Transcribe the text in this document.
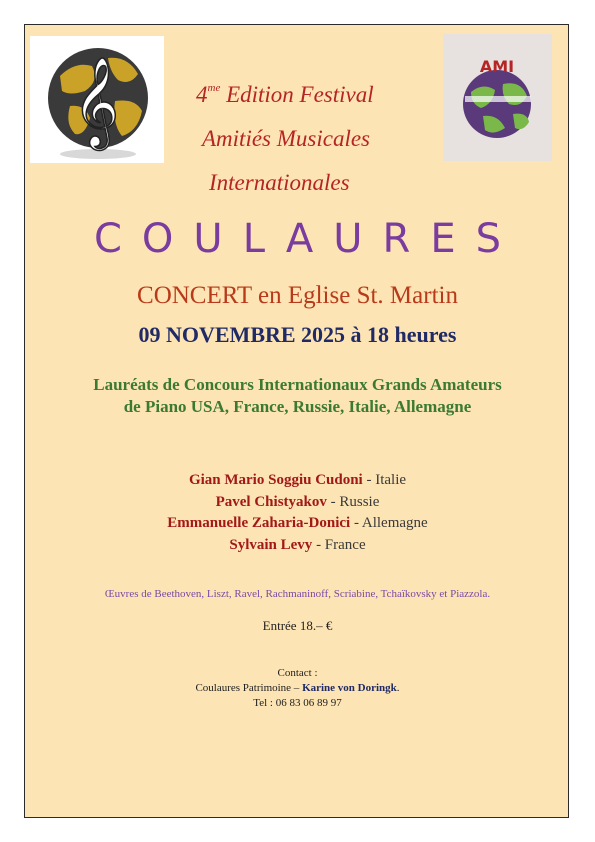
𝄞	$4^{me}$ Edition Festival
Amitiés Musicales
Internationales
AMI
COULAURES
CONCERT en Eglise St. Martin
09 NOVEMBRE 2025 à 18 heures
Lauréats de Concours Internationaux Grands Amateurs
de Piano USA, France, Russie, Italie, Allemagne
Gian Mario Soggiu Cudoni - Italie
Pavel Chistyakov - Russie
Emmanuelle Zaharia-Donici - Allemagne
Sylvain Levy - France
Œuvres de Beethoven, Liszt, Ravel, Rachmaninoff, Scriabine, Tchaïkovsky et Piazzola.
Entrée 18.– €
Contact :
Coulaures Patrimoine – Karine von Doringk.
Tel : 06 83 06 89 97
